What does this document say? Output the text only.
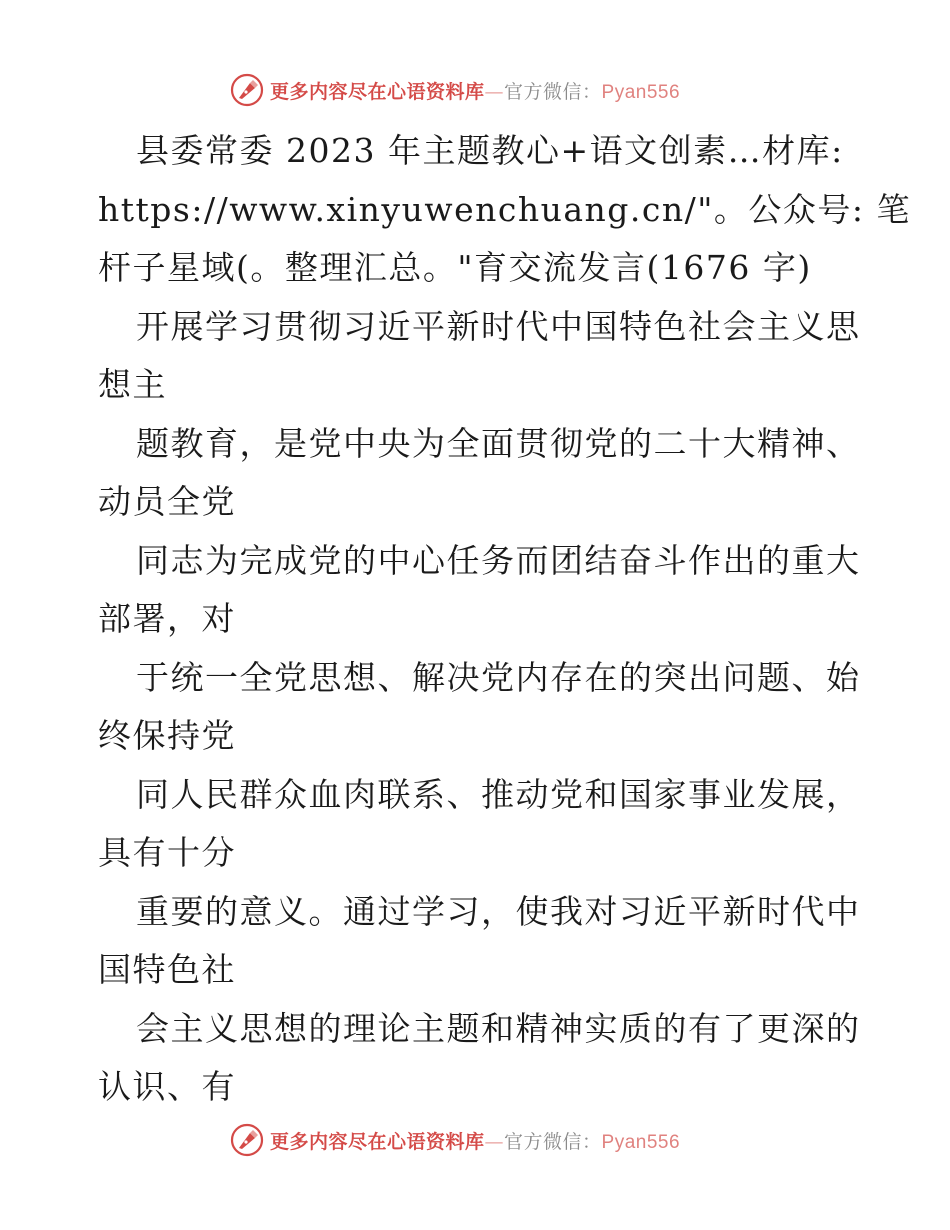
更多内容尽在心语资料库—官方微信：Pyan556
县委常委 2023 年主题教心+语文创素…材库:
https://www.xinyuwenchuang.cn/"。公众号: 笔
杆子星域(。整理汇总。"育交流发言(1676 字)
开展学习贯彻习近平新时代中国特色社会主义思
想主
题教育，是党中央为全面贯彻党的二十大精神、
动员全党
同志为完成党的中心任务而团结奋斗作出的重大
部署，对
于统一全党思想、解决党内存在的突出问题、始
终保持党
同人民群众血肉联系、推动党和国家事业发展，
具有十分
重要的意义。通过学习，使我对习近平新时代中
国特色社
会主义思想的理论主题和精神实质的有了更深的
认识、有
更多内容尽在心语资料库—官方微信：Pyan556
